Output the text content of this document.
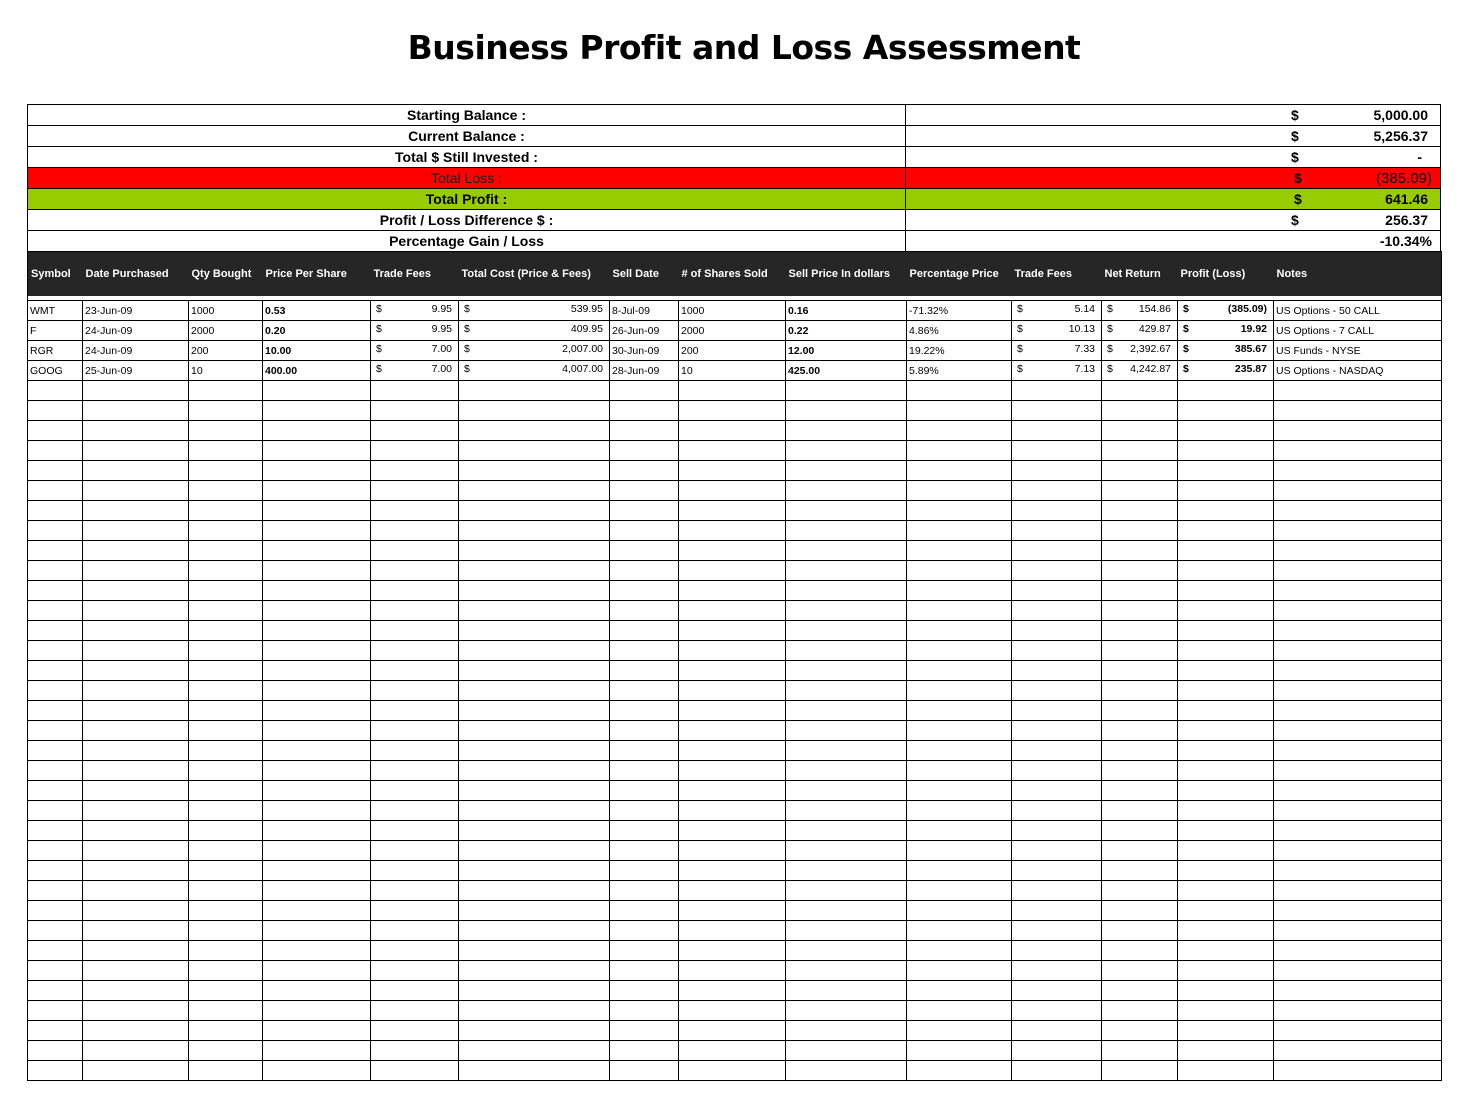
Business Profit and Loss Assessment
Starting Balance :	$ 5,000.00

Current Balance :	$ 5,256.37

Total $ Still Invested :	$ -

Total Loss :	$ (385.09)

Total Profit :	$ 641.46

Profit / Loss Difference $ :	$ 256.37

Percentage Gain / Loss	-10.34%
Symbol	Date Purchased	Qty Bought	Price Per Share	Trade Fees	Total Cost (Price & Fees)	Sell Date	# of Shares Sold	Sell Price In dollars	Percentage Price	Trade Fees	Net Return	Profit (Loss)	Notes

WMT	23-Jun-09	1000	0.53	$ 9.95	$ 539.95	8-Jul-09	1000	0.16	-71.32%	$ 5.14	$ 154.86	$ (385.09)	US Options - 50 CALL
F	24-Jun-09	2000	0.20	$ 9.95	$ 409.95	26-Jun-09	2000	0.22	4.86%	$ 10.13	$ 429.87	$ 19.92	US Options - 7 CALL
RGR	24-Jun-09	200	10.00	$ 7.00	$ 2,007.00	30-Jun-09	200	12.00	19.22%	$ 7.33	$ 2,392.67	$ 385.67	US Funds - NYSE
GOOG	25-Jun-09	10	400.00	$ 7.00	$ 4,007.00	28-Jun-09	10	425.00	5.89%	$ 7.13	$ 4,242.87	$ 235.87	US Options - NASDAQ
